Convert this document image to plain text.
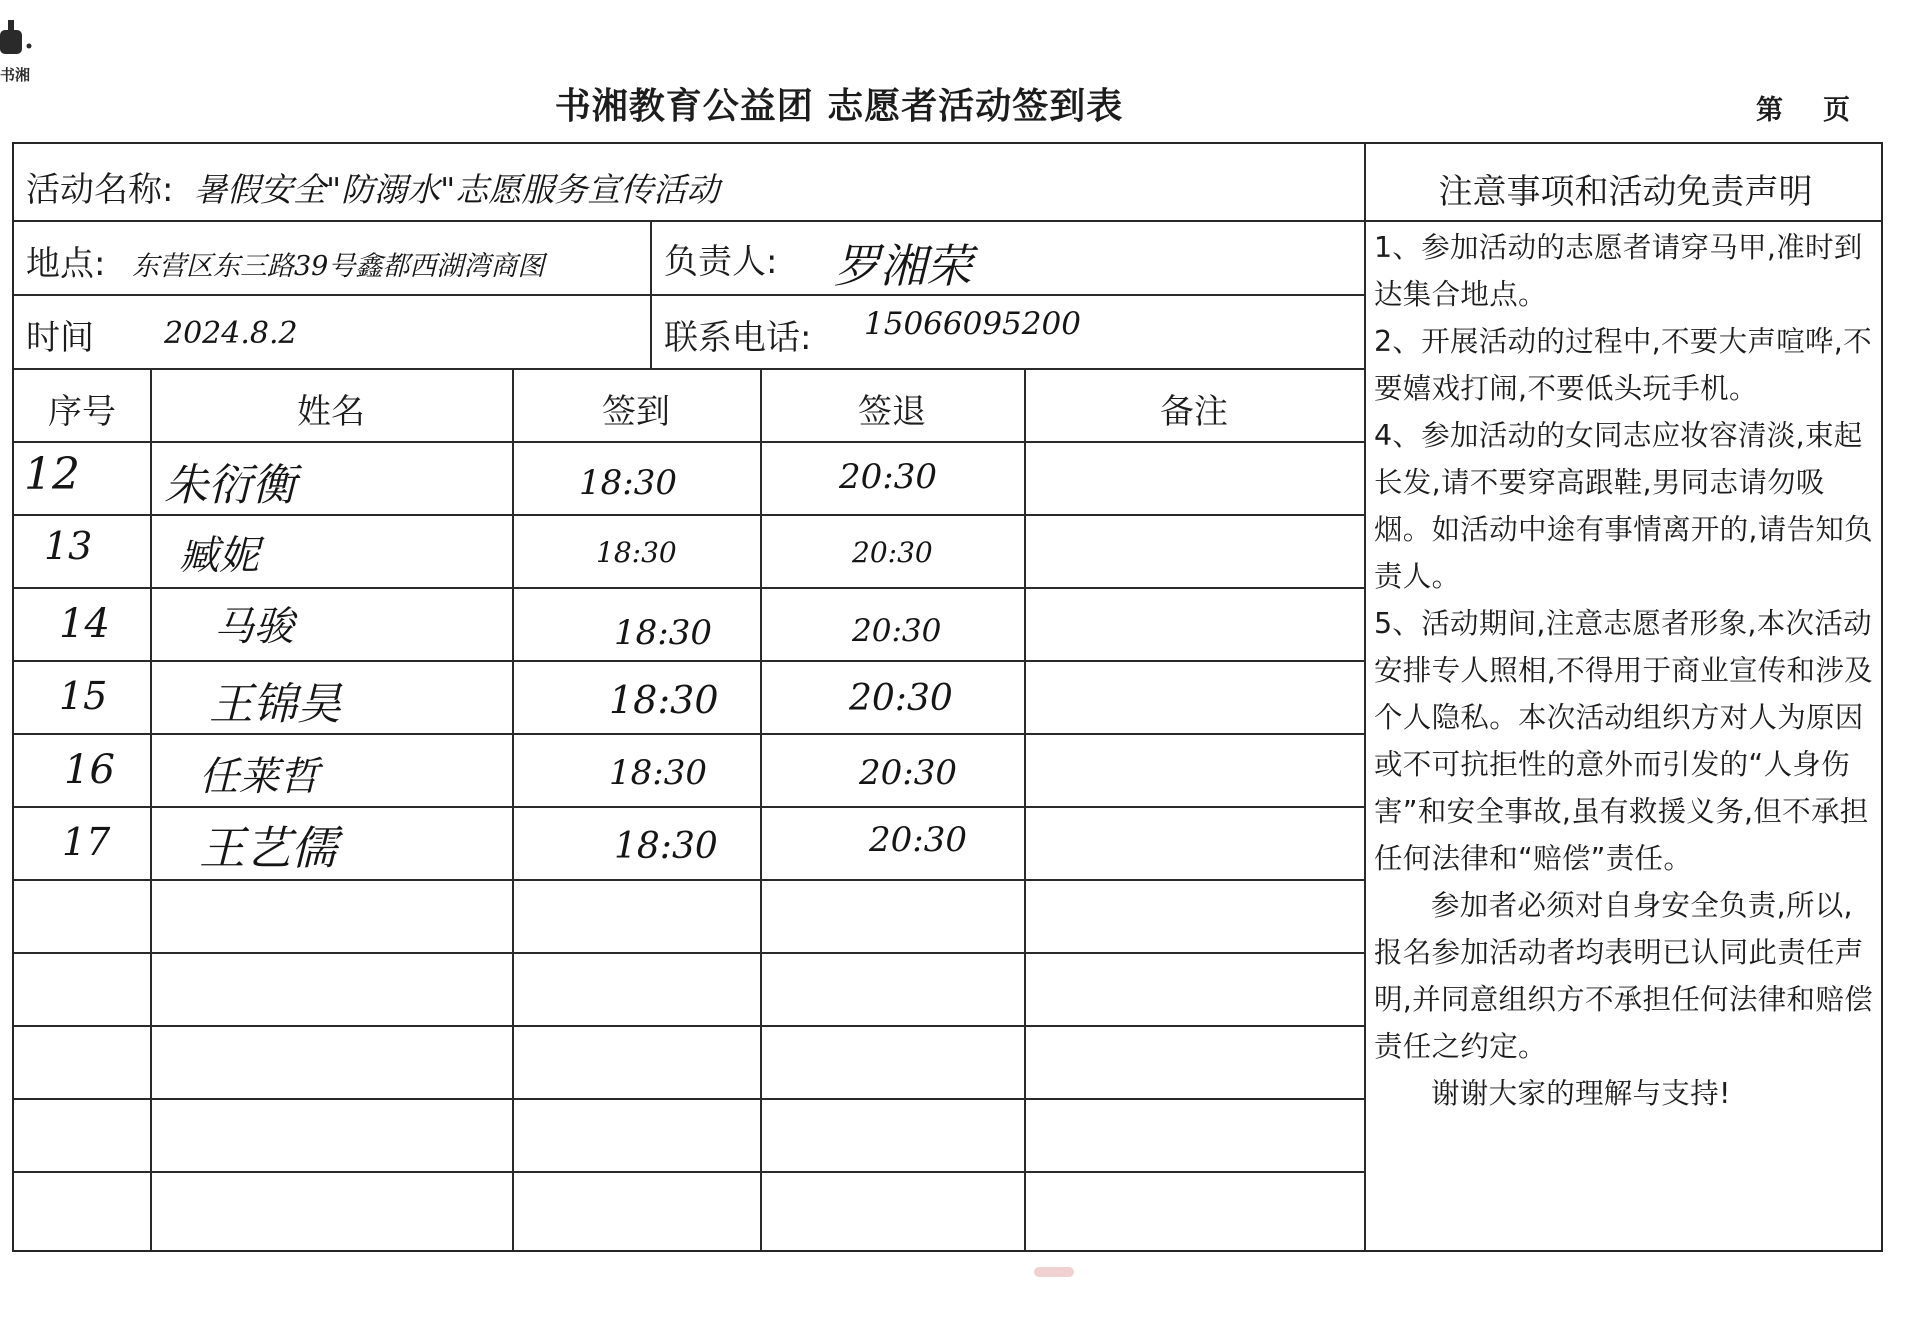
书湘
书湘教育公益团 志愿者活动签到表	第 页
活动名称: 暑假安全"防溺水"志愿服务宣传活动
地点: 东营区东三路39号鑫都西湖湾商图	负责人: 罗湘荣
时间 2024.8.2	联系电话: 15066095200
序号	姓名	签到	签退	备注
12 朱衍衡	18:30	20:30
13 臧妮	18:30	20:30
14	马骏	18:30	20:30
15 王锦昊	18:30	20:30
16 任莱哲	18:30	20:30
17 王艺儒	18:30	20:30
注意事项和活动免责声明

1、参加活动的志愿者请穿马甲,准时到达集合地点。

2、开展活动的过程中,不要大声喧哗,不要嬉戏打闹,不要低头玩手机。

4、参加活动的女同志应妆容清淡,束起长发,请不要穿高跟鞋,男同志请勿吸烟。如活动中途有事情离开的,请告知负责人。

5、活动期间,注意志愿者形象,本次活动安排专人照相,不得用于商业宣传和涉及个人隐私。本次活动组织方对人为原因或不可抗拒性的意外而引发的“人身伤害”和安全事故,虽有救援义务,但不承担任何法律和“赔偿”责任。

参加者必须对自身安全负责,所以,报名参加活动者均表明已认同此责任声明,并同意组织方不承担任何法律和赔偿责任之约定。

谢谢大家的理解与支持!
